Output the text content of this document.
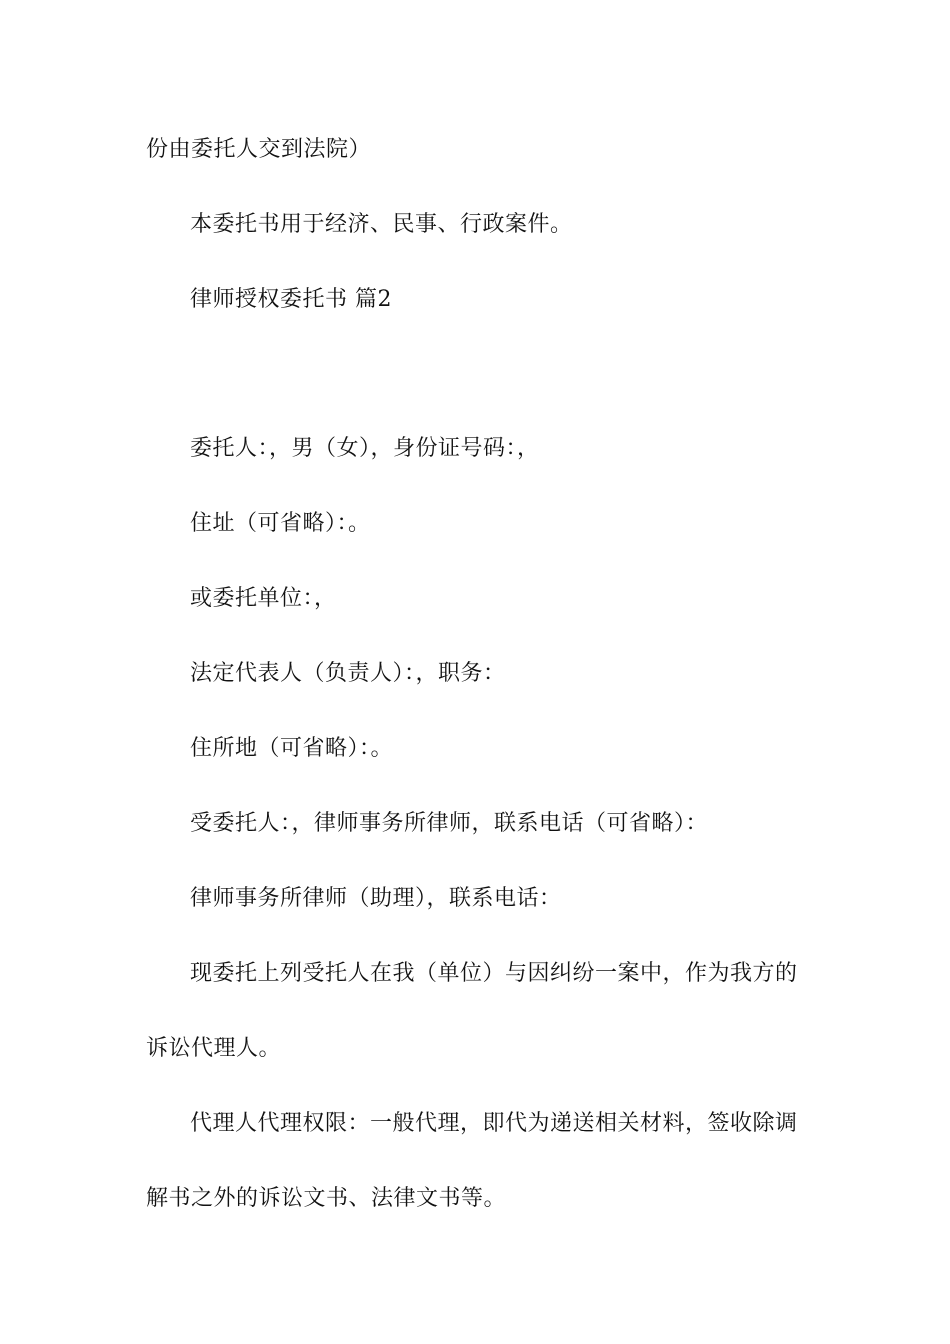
份由委托人交到法院）
本委托书用于经济、民事、行政案件。
律师授权委托书 篇2
委托人：，男（女），身份证号码：，
住址（可省略）：。
或委托单位：，
法定代表人（负责人）：，职务：
住所地（可省略）：。
受委托人：，律师事务所律师，联系电话（可省略）：
律师事务所律师（助理），联系电话：
现委托上列受托人在我（单位）与因纠纷一案中，作为我方的
诉讼代理人。
代理人代理权限：一般代理，即代为递送相关材料，签收除调
解书之外的诉讼文书、法律文书等。
